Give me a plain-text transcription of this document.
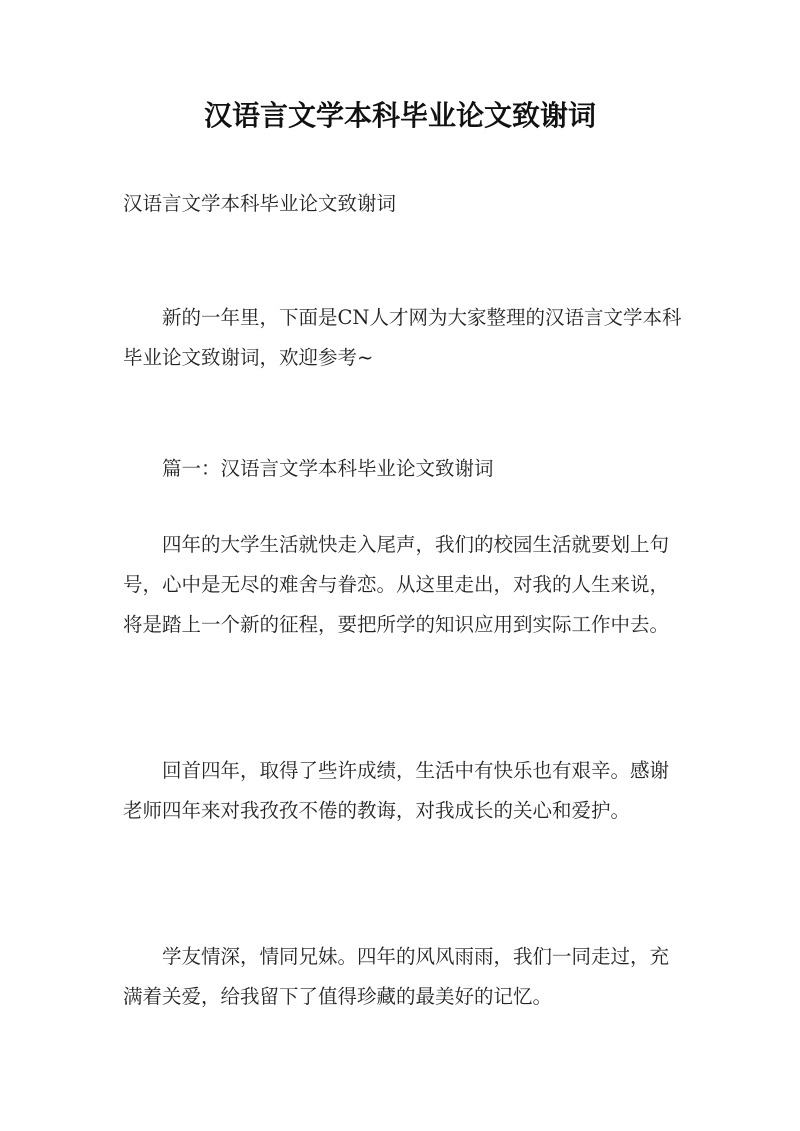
汉语言文学本科毕业论文致谢词

汉语言文学本科毕业论文致谢词

新的一年里，下面是CN人才网为大家整理的汉语言文学本科毕业论文致谢词，欢迎参考~

篇一：汉语言文学本科毕业论文致谢词

四年的大学生活就快走入尾声，我们的校园生活就要划上句号，心中是无尽的难舍与眷恋。从这里走出，对我的人生来说，将是踏上一个新的征程，要把所学的知识应用到实际工作中去。

回首四年，取得了些许成绩，生活中有快乐也有艰辛。感谢老师四年来对我孜孜不倦的教诲，对我成长的关心和爱护。

学友情深，情同兄妹。四年的风风雨雨，我们一同走过，充满着关爱，给我留下了值得珍藏的最美好的记忆。
